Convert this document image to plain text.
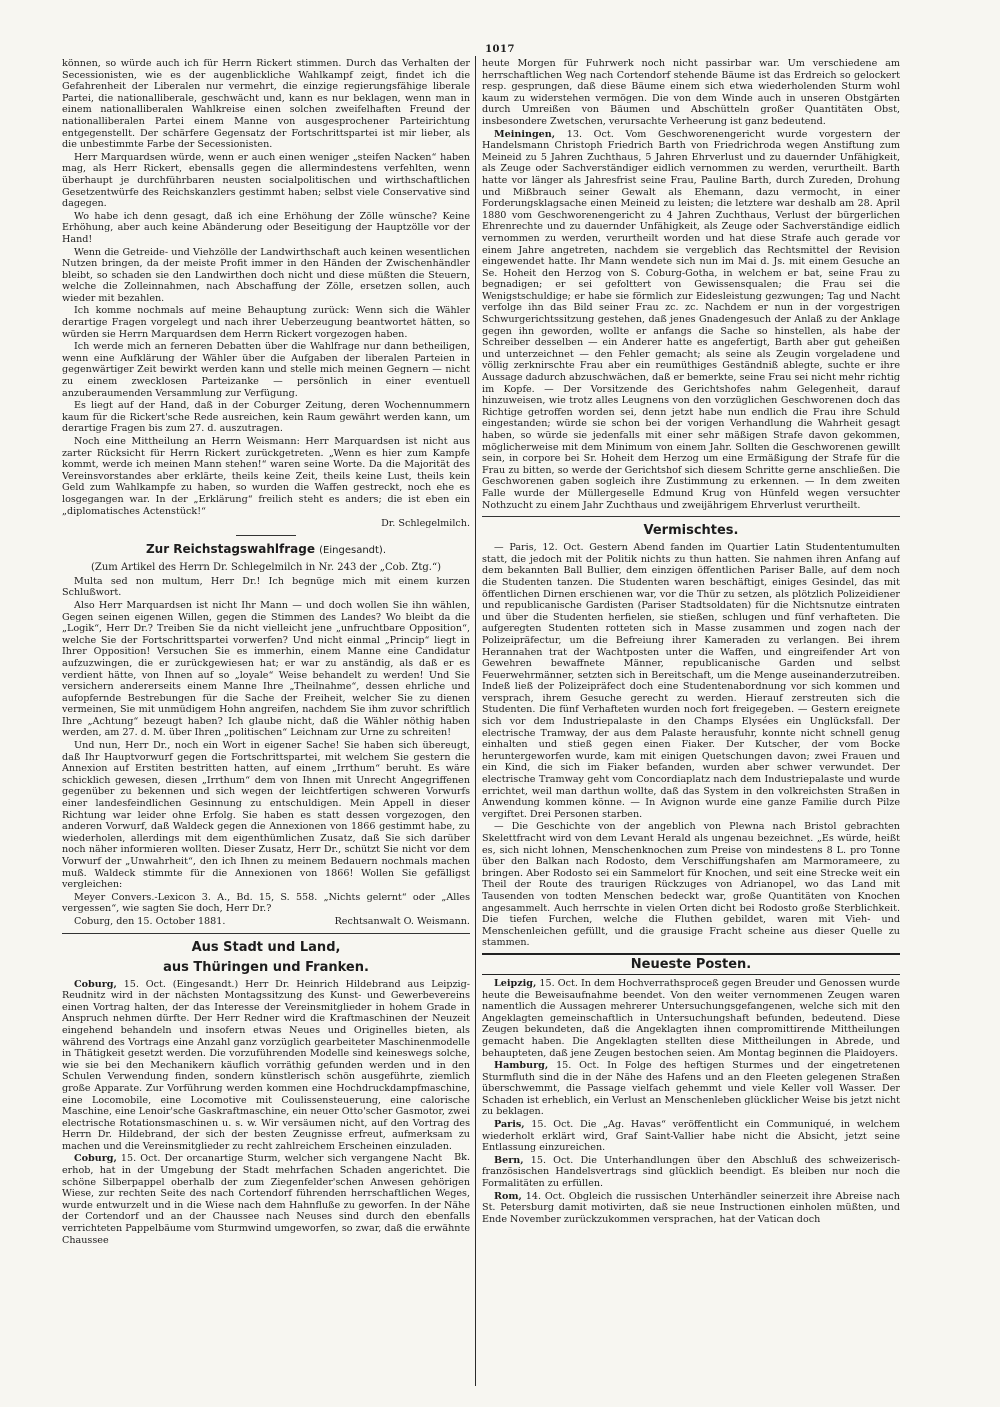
1017

können, so würde auch ich für Herrn Rickert stimmen. Durch das Verhalten der Secessionisten, wie es der augenblickliche Wahlkampf zeigt, findet ich die Gefahrenheit der Liberalen nur vermehrt, die einzige regierungsfähige liberale Partei, die nationalliberale, geschwächt und, kann es nur beklagen, wenn man in einem nationalliberalen Wahlkreise einen solchen zweifelhaften Freund der nationalliberalen Partei einem Manne von ausgesprochener Parteirichtung entgegenstellt. Der schärfere Gegensatz der Fortschrittspartei ist mir lieber, als die unbestimmte Farbe der Secessionisten.

Herr Marquardsen würde, wenn er auch einen weniger „steifen Nacken“ haben mag, als Herr Rickert, ebensalls gegen die allermindestens verfehlten, wenn überhaupt je durchführbaren neusten socialpolitischen und wirthschaftlichen Gesetzentwürfe des Reichskanzlers gestimmt haben; selbst viele Conservative sind dagegen.

Wo habe ich denn gesagt, daß ich eine Erhöhung der Zölle wünsche? Keine Erhöhung, aber auch keine Abänderung oder Beseitigung der Hauptzölle vor der Hand!

Wenn die Getreide- und Viehzölle der Landwirthschaft auch keinen wesentlichen Nutzen bringen, da der meiste Profit immer in den Händen der Zwischenhändler bleibt, so schaden sie den Landwirthen doch nicht und diese müßten die Steuern, welche die Zolleinnahmen, nach Abschaffung der Zölle, ersetzen sollen, auch wieder mit bezahlen.

Ich komme nochmals auf meine Behauptung zurück: Wenn sich die Wähler derartige Fragen vorgelegt und nach ihrer Ueberzeugung beantwortet hätten, so würden sie Herrn Marquardsen dem Herrn Rickert vorgezogen haben.

Ich werde mich an ferneren Debatten über die Wahlfrage nur dann betheiligen, wenn eine Aufklärung der Wähler über die Aufgaben der liberalen Parteien in gegenwärtiger Zeit bewirkt werden kann und stelle mich meinen Gegnern — nicht zu einem zwecklosen Parteizanke — persönlich in einer eventuell anzuberaumenden Versammlung zur Verfügung.

Es liegt auf der Hand, daß in der Coburger Zeitung, deren Wochennummern kaum für die Rickert'sche Rede ausreichen, kein Raum gewährt werden kann, um derartige Fragen bis zum 27. d. auszutragen.

Noch eine Mittheilung an Herrn Weismann: Herr Marquardsen ist nicht aus zarter Rücksicht für Herrn Rickert zurückgetreten. „Wenn es hier zum Kampfe kommt, werde ich meinen Mann stehen!“ waren seine Worte. Da die Majorität des Vereinsvorstandes aber erklärte, theils keine Zeit, theils keine Lust, theils kein Geld zum Wahlkampfe zu haben, so wurden die Waffen gestreckt, noch ehe es losgegangen war. In der „Erklärung“ freilich steht es anders; die ist eben ein „diplomatisches Actenstück!“

Dr. Schlegelmilch.
Zur Reichstagswahlfrage (Eingesandt).
(Zum Artikel des Herrn Dr. Schlegelmilch in Nr. 243 der „Cob. Ztg.“)

Multa sed non multum, Herr Dr.! Ich begnüge mich mit einem kurzen Schlußwort.

Also Herr Marquardsen ist nicht Ihr Mann — und doch wollen Sie ihn wählen, Gegen seinen eigenen Willen, gegen die Stimmen des Landes? Wo bleibt da die „Logik“, Herr Dr.? Treiben Sie da nicht vielleicht jene „unfruchtbare Opposition“, welche Sie der Fortschrittspartei vorwerfen? Und nicht einmal „Princip“ liegt in Ihrer Opposition! Versuchen Sie es immerhin, einem Manne eine Candidatur aufzuzwingen, die er zurückgewiesen hat; er war zu anständig, als daß er es verdient hätte, von Ihnen auf so „loyale“ Weise behandelt zu werden! Und Sie versichern andererseits einem Manne Ihre „Theilnahme“, dessen ehrliche und aufopfernde Bestrebungen für die Sache der Freiheit, welcher Sie zu dienen vermeinen, Sie mit unmüdigem Hohn angreifen, nachdem Sie ihm zuvor schriftlich Ihre „Achtung“ bezeugt haben? Ich glaube nicht, daß die Wähler nöthig haben werden, am 27. d. M. über Ihren „politischen“ Leichnam zur Urne zu schreiten!

Und nun, Herr Dr., noch ein Wort in eigener Sache! Sie haben sich übereugt, daß Ihr Hauptvorwurf gegen die Fortschrittspartei, mit welchem Sie gestern die Annexion auf Erstiten bestritten hatten, auf einem „Irrthum“ beruht. Es wäre schicklich gewesen, diesen „Irrthum“ dem von Ihnen mit Unrecht Angegriffenen gegenüber zu bekennen und sich wegen der leichtfertigen schweren Vorwurfs einer landesfeindlichen Gesinnung zu entschuldigen. Mein Appell in dieser Richtung war leider ohne Erfolg. Sie haben es statt dessen vorgezogen, den anderen Vorwurf, daß Waldeck gegen die Annexionen von 1866 gestimmt habe, zu wiederholen, allerdings mit dem eigenthümlichen Zusatz, daß Sie sich darüber noch näher informieren wollten. Dieser Zusatz, Herr Dr., schützt Sie nicht vor dem Vorwurf der „Unwahrheit“, den ich Ihnen zu meinem Bedauern nochmals machen muß. Waldeck stimmte für die Annexionen von 1866! Wollen Sie gefälligst vergleichen:

Meyer Convers.-Lexicon 3. A., Bd. 15, S. 558. „Nichts gelernt“ oder „Alles vergessen“, wie sagten Sie doch, Herr Dr.?

Coburg, den 15. October 1881.	Rechtsanwalt O. Weismann.
Aus Stadt und Land,
aus Thüringen und Franken.

Coburg, 15. Oct. (Eingesandt.) Herr Dr. Heinrich Hildebrand aus Leipzig-Reudnitz wird in der nächsten Montagssitzung des Kunst- und Gewerbevereins einen Vortrag halten, der das Interesse der Vereinsmitglieder in hohem Grade in Anspruch nehmen dürfte. Der Herr Redner wird die Kraftmaschinen der Neuzeit eingehend behandeln und insofern etwas Neues und Originelles bieten, als während des Vortrags eine Anzahl ganz vorzüglich gearbeiteter Maschinenmodelle in Thätigkeit gesetzt werden. Die vorzuführenden Modelle sind keineswegs solche, wie sie bei den Mechanikern käuflich vorräthig gefunden werden und in den Schulen Verwendung finden, sondern künstlerisch schön ausgeführte, ziemlich große Apparate. Zur Vorführung werden kommen eine Hochdruckdampfmaschine, eine Locomobile, eine Locomotive mit Coulissensteuerung, eine calorische Maschine, eine Lenoir'sche Gaskraftmaschine, ein neuer Otto'scher Gasmotor, zwei electrische Rotationsmaschinen u. s. w. Wir versäumen nicht, auf den Vortrag des Herrn Dr. Hildebrand, der sich der besten Zeugnisse erfreut, aufmerksam zu machen und die Vereinsmitglieder zu recht zahlreichem Erscheinen einzuladen.
Bk.

Coburg, 15. Oct. Der orcanartige Sturm, welcher sich vergangene Nacht erhob, hat in der Umgebung der Stadt mehrfachen Schaden angerichtet. Die schöne Silberpappel oberhalb der zum Ziegenfelder'schen Anwesen gehörigen Wiese, zur rechten Seite des nach Cortendorf führenden herrschaftlichen Weges, wurde entwurzelt und in die Wiese nach dem Hahnfluße zu geworfen. In der Nähe der Cortendorf und an der Chaussee nach Neuses sind durch den ebenfalls verrichteten Pappelbäume vom Sturmwind umgeworfen, so zwar, daß die erwähnte Chaussee

heute Morgen für Fuhrwerk noch nicht passirbar war. Um verschiedene am herrschaftlichen Weg nach Cortendorf stehende Bäume ist das Erdreich so gelockert resp. gesprungen, daß diese Bäume einem sich etwa wiederholenden Sturm wohl kaum zu widerstehen vermögen. Die von dem Winde auch in unseren Obstgärten durch Umreißen von Bäumen und Abschütteln großer Quantitäten Obst, insbesondere Zwetschen, verursachte Verheerung ist ganz bedeutend.

Meiningen, 13. Oct. Vom Geschworenengericht wurde vorgestern der Handelsmann Christoph Friedrich Barth von Friedrichroda wegen Anstiftung zum Meineid zu 5 Jahren Zuchthaus, 5 Jahren Ehrverlust und zu dauernder Unfähigkeit, als Zeuge oder Sachverständiger eidlich vernommen zu werden, verurtheilt. Barth hatte vor länger als Jahresfrist seine Frau, Pauline Barth, durch Zureden, Drohung und Mißbrauch seiner Gewalt als Ehemann, dazu vermocht, in einer Forderungsklagsache einen Meineid zu leisten; die letztere war deshalb am 28. April 1880 vom Geschworenengericht zu 4 Jahren Zuchthaus, Verlust der bürgerlichen Ehrenrechte und zu dauernder Unfähigkeit, als Zeuge oder Sachverständige eidlich vernommen zu werden, verurtheilt worden und hat diese Strafe auch gerade vor einem Jahre angetreten, nachdem sie vergeblich das Rechtsmittel der Revision eingewendet hatte. Ihr Mann wendete sich nun im Mai d. Js. mit einem Gesuche an Se. Hoheit den Herzog von S. Coburg-Gotha, in welchem er bat, seine Frau zu begnadigen; er sei gefolttert von Gewissensqualen; die Frau sei die Wenigstschuldige; er habe sie förmlich zur Eidesleistung gezwungen; Tag und Nacht verfolge ihn das Bild seiner Frau zc. zc. Nachdem er nun in der vorgestrigen Schwurgerichtssitzung gestehen, daß jenes Gnadengesuch der Anlaß zu der Anklage gegen ihn geworden, wollte er anfangs die Sache so hinstellen, als habe der Schreiber desselben — ein Anderer hatte es angefertigt, Barth aber gut geheißen und unterzeichnet — den Fehler gemacht; als seine als Zeugin vorgeladene und völlig zerknirschte Frau aber ein reumüthiges Geständniß ablegte, suchte er ihre Aussage dadurch abzuschwächen, daß er bemerkte, seine Frau sei nicht mehr richtig im Kopfe. — Der Vorsitzende des Gerichtshofes nahm Gelegenheit, darauf hinzuweisen, wie trotz alles Leugnens von den vorzüglichen Geschworenen doch das Richtige getroffen worden sei, denn jetzt habe nun endlich die Frau ihre Schuld eingestanden; würde sie schon bei der vorigen Verhandlung die Wahrheit gesagt haben, so würde sie jedenfalls mit einer sehr mäßigen Strafe davon gekommen, möglicherweise mit dem Minimum von einem Jahr. Sollten die Geschworenen gewillt sein, in corpore bei Sr. Hoheit dem Herzog um eine Ermäßigung der Strafe für die Frau zu bitten, so werde der Gerichtshof sich diesem Schritte gerne anschließen. Die Geschworenen gaben sogleich ihre Zustimmung zu erkennen. — In dem zweiten Falle wurde der Müllergeselle Edmund Krug von Hünfeld wegen versuchter Nothzucht zu einem Jahr Zuchthaus und zweijährigem Ehrverlust verurtheilt.

Vermischtes.

— Paris, 12. Oct. Gestern Abend fanden im Quartier Latin Studententumulten statt, die jedoch mit der Politik nichts zu thun hatten. Sie nahmen ihren Anfang auf dem bekannten Ball Bullier, dem einzigen öffentlichen Pariser Balle, auf dem noch die Studenten tanzen. Die Studenten waren beschäftigt, einiges Gesindel, das mit öffentlichen Dirnen erschienen war, vor die Thür zu setzen, als plötzlich Polizeidiener und republicanische Gardisten (Pariser Stadtsoldaten) für die Nichtsnutze eintraten und über die Studenten herfielen, sie stießen, schlugen und fünf verhafteten. Die aufgeregten Studenten rotteten sich in Masse zusammen und zogen nach der Polizeipräfectur, um die Befreiung ihrer Kameraden zu verlangen. Bei ihrem Herannahen trat der Wachtposten unter die Waffen, und eingreifender Art von Gewehren bewaffnete Männer, republicanische Garden und selbst Feuerwehrmänner, setzten sich in Bereitschaft, um die Menge auseinanderzutreiben. Indeß ließ der Polizeipräfect doch eine Studentenabordnung vor sich kommen und versprach, ihrem Gesuche gerecht zu werden. Hierauf zerstreuten sich die Studenten. Die fünf Verhafteten wurden noch fort freigegeben. — Gestern ereignete sich vor dem Industriepalaste in den Champs Elysées ein Unglücksfall. Der electrische Tramway, der aus dem Palaste herausfuhr, konnte nicht schnell genug einhalten und stieß gegen einen Fiaker. Der Kutscher, der vom Bocke heruntergeworfen wurde, kam mit einigen Quetschungen davon; zwei Frauen und ein Kind, die sich im Fiaker befanden, wurden aber schwer verwundet. Der electrische Tramway geht vom Concordiaplatz nach dem Industriepalaste und wurde errichtet, weil man darthun wollte, daß das System in den volkreichsten Straßen in Anwendung kommen könne. — In Avignon wurde eine ganze Familie durch Pilze vergiftet. Drei Personen starben.

— Die Geschichte von der angeblich von Plewna nach Bristol gebrachten Skelettfracht wird von dem Levant Herald als ungenau bezeichnet. „Es würde, heißt es, sich nicht lohnen, Menschenknochen zum Preise von mindestens 8 L. pro Tonne über den Balkan nach Rodosto, dem Verschiffungshafen am Marmorameere, zu bringen. Aber Rodosto sei ein Sammelort für Knochen, und seit eine Strecke weit ein Theil der Route des traurigen Rückzuges von Adrianopel, wo das Land mit Tausenden von todten Menschen bedeckt war, große Quantitäten von Knochen angesammelt. Auch herrschte in vielen Orten dicht bei Rodosto große Sterblichkeit. Die tiefen Furchen, welche die Fluthen gebildet, waren mit Vieh- und Menschenleichen gefüllt, und die grausige Fracht scheine aus dieser Quelle zu stammen.

Neueste Posten.

Leipzig, 15. Oct. In dem Hochverrathsproceß gegen Breuder und Genossen wurde heute die Beweisaufnahme beendet. Von den weiter vernommenen Zeugen waren namentlich die Aussagen mehrerer Untersuchungsgefangenen, welche sich mit den Angeklagten gemeinschaftlich in Untersuchungshaft befunden, bedeutend. Diese Zeugen bekundeten, daß die Angeklagten ihnen compromittirende Mittheilungen gemacht haben. Die Angeklagten stellten diese Mittheilungen in Abrede, und behaupteten, daß jene Zeugen bestochen seien. Am Montag beginnen die Plaidoyers.

Hamburg, 15. Oct. In Folge des heftigen Sturmes und der eingetretenen Sturmfluth sind die in der Nähe des Hafens und an den Fleeten gelegenen Straßen überschwemmt, die Passage vielfach gehemmt und viele Keller voll Wasser. Der Schaden ist erheblich, ein Verlust an Menschenleben glücklicher Weise bis jetzt nicht zu beklagen.

Paris, 15. Oct. Die „Ag. Havas“ veröffentlicht ein Communiqué, in welchem wiederholt erklärt wird, Graf Saint-Vallier habe nicht die Absicht, jetzt seine Entlassung einzureichen.

Bern, 15. Oct. Die Unterhandlungen über den Abschluß des schweizerisch-französischen Handelsvertrags sind glücklich beendigt. Es bleiben nur noch die Formalitäten zu erfüllen.

Rom, 14. Oct. Obgleich die russischen Unterhändler seinerzeit ihre Abreise nach St. Petersburg damit motivirten, daß sie neue Instructionen einholen müßten, und Ende November zurückzukommen versprachen, hat der Vatican doch
